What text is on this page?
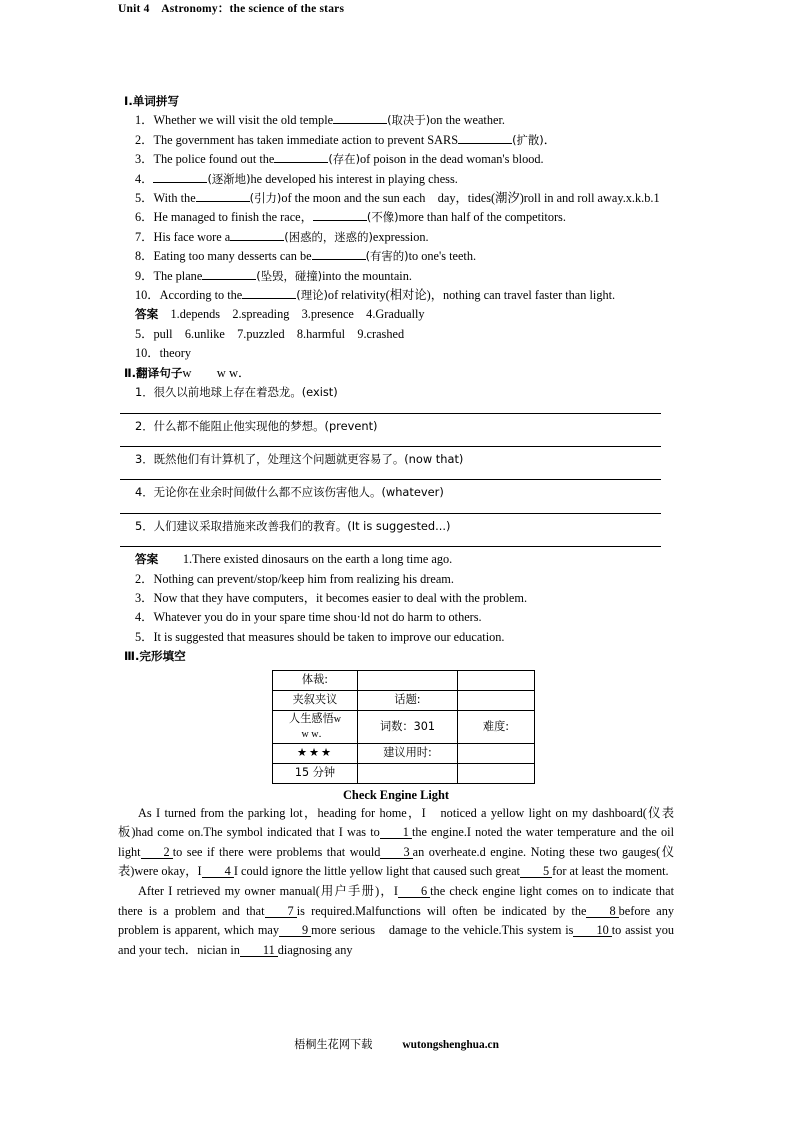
Unit 4　Astronomy：the science of the stars
Ⅰ.单词拼写
1．Whether we will visit the old temple	(取决于)on the weather.
2．The government has taken immediate action to prevent SARS	(扩散)．
3．The police found out the	(存在)of poison in the dead woman's blood.
4．	(逐渐地)he developed his interest in playing chess.
5．With the	(引力)of the moon and the sun each　day，tides(潮汐)roll in and roll away.x.k.b.1
6．He managed to finish the race，	(不像)more than half of the competitors.
7．His face wore a	(困惑的，迷惑的)expression.
8．Eating too many desserts can be	(有害的)to one's teeth.
9．The plane	(坠毁，碰撞)into the mountain.
10．According to the	(理论)of relativity(相对论)，nothing can travel faster than light.
答案　 1.depends　2.spreading　3.presence　4.Gradually
5．pull　6.unlike　7.puzzled　8.harmful　9.crashed
10．theory
Ⅱ.翻译句子w　　w w．
1．很久以前地球上存在着恐龙。(exist)
2．什么都不能阻止他实现他的梦想。(prevent)
3．既然他们有计算机了，处理这个问题就更容易了。(now that)
4．无论你在业余时间做什么都不应该伤害他人。(whatever)
5．人们建议采取措施来改善我们的教育。(It is suggested...)
答案　　 1.There existed dinosaurs on the earth a long time ago.
2．Nothing can prevent/stop/keep him from realizing his dream.
3．Now that they have computers，it becomes easier to deal with the problem.
4．Whatever you do in your spare time shou·ld not do harm to others.
5．It is suggested that measures should be taken to improve our education.
Ⅲ.完形填空
体裁:		
夹叙夹议	话题:	
人生感悟w
w w．	词数：301	难度:
★★★	建议用时:	
15 分钟		
Check Engine Light
As I turned from the parking lot，heading for home，I　noticed a yellow light on my dashboard(仪表板)had come on.The symbol indicated that I was to 1 the engine.I noted the water temperature and the oil light 2 to see if there were problems that would 3 an overheate.d engine. Noting these two gauges(仪表)were okay，I 4 I could ignore the little yellow light that caused such great 5 for at least the moment.
After I retrieved my owner manual(用户手册)，I 6 the check engine light comes on to indicate that there is a problem and that 7 is required.Malfunctions will often be indicated by the 8 before any problem is apparent, which may 9 more serious　damage to the vehicle.This system is 10 to assist you and your tech．nician in 11 diagnosing any
梧桐生花网下载	wutongshenghua.cn
